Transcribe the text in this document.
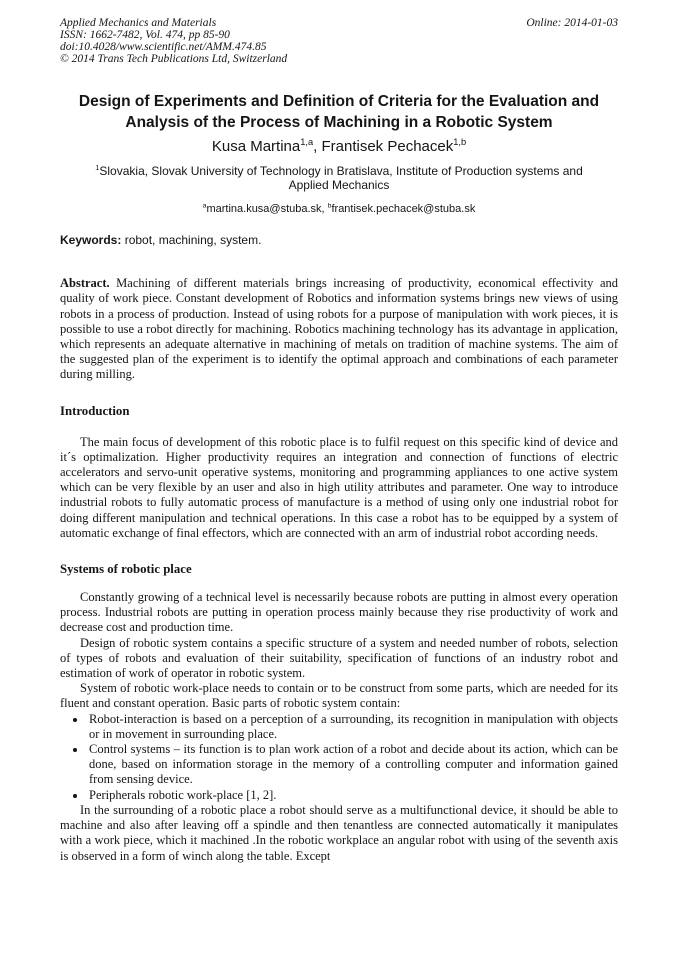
Applied Mechanics and Materials
ISSN: 1662-7482, Vol. 474, pp 85-90
doi:10.4028/www.scientific.net/AMM.474.85
© 2014 Trans Tech Publications Ltd, Switzerland
Online: 2014-01-03
Design of Experiments and Definition of Criteria for the Evaluation and Analysis of the Process of Machining in a Robotic System
Kusa Martina$^{1,a}$, Frantisek Pechacek$^{1,b}$
$^1$Slovakia, Slovak University of Technology in Bratislava, Institute of Production systems and Applied Mechanics
$^a$martina.kusa@stuba.sk, $^b$frantisek.pechacek@stuba.sk

Keywords: robot, machining, system.

Abstract. Machining of different materials brings increasing of productivity, economical effectivity and quality of work piece. Constant development of Robotics and information systems brings new views of using robots in a process of production. Instead of using robots for a purpose of manipulation with work pieces, it is possible to use a robot directly for machining. Robotics machining technology has its advantage in application, which represents an adequate alternative in machining of metals on tradition of machine systems. The aim of the suggested plan of the experiment is to identify the optimal approach and combinations of each parameter during milling.

Introduction

The main focus of development of this robotic place is to fulfil request on this specific kind of device and it´s optimalization. Higher productivity requires an integration and connection of functions of electric accelerators and servo-unit operative systems, monitoring and programming appliances to one active system which can be very flexible by an user and also in high utility attributes and parameter. One way to introduce industrial robots to fully automatic process of manufacture is a method of using only one industrial robot for doing different manipulation and technical operations. In this case a robot has to be equipped by a system of automatic exchange of final effectors, which are connected with an arm of industrial robot according needs.

Systems of robotic place

Constantly growing of a technical level is necessarily because robots are putting in almost every operation process. Industrial robots are putting in operation process mainly because they rise productivity of work and decrease cost and production time.

Design of robotic system contains a specific structure of a system and needed number of robots, selection of types of robots and evaluation of their suitability, specification of functions of an industry robot and estimation of work of operator in robotic system.

System of robotic work-place needs to contain or to be construct from some parts, which are needed for its fluent and constant operation. Basic parts of robotic system contain:

• Robot-interaction is based on a perception of a surrounding, its recognition in manipulation with objects or in movement in surrounding place.
• Control systems – its function is to plan work action of a robot and decide about its action, which can be done, based on information storage in the memory of a controlling computer and information gained from sensing device.
• Peripherals robotic work-place [1, 2].

In the surrounding of a robotic place a robot should serve as a multifunctional device, it should be able to machine and also after leaving off a spindle and then tenantless are connected automatically it manipulates with a work piece, which it machined .In the robotic workplace an angular robot with using of the seventh axis is observed in a form of winch along the table. Except
